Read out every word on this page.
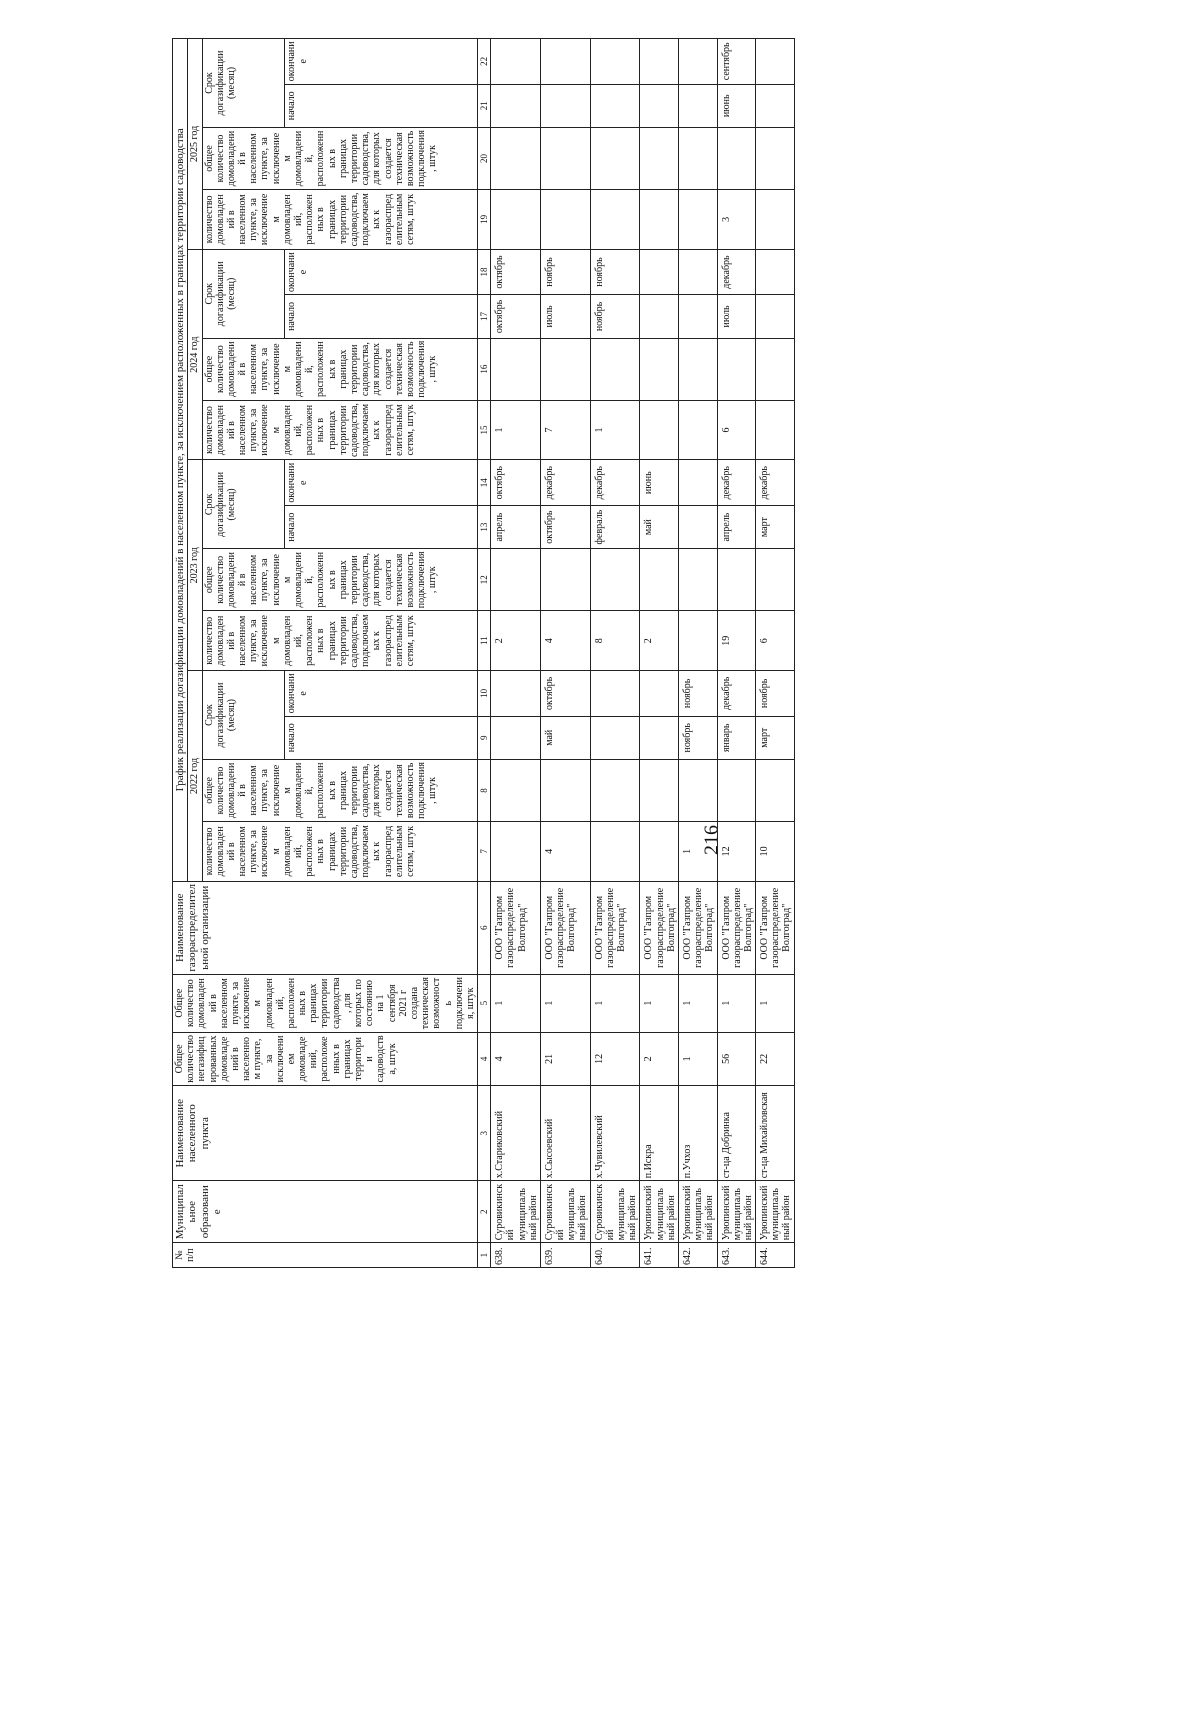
216
№ п/п	Муниципальное образование	Наименование населенного пункта	Общее количество негазифицированных домовладений в населенном пункте, за исключением домовладений, расположенных в границах территории садоводства, штук	Общее количество домовладений в населенном пункте, за исключением домовладений, расположенных в границах территории садоводства, для которых по состоянию на 1 сентября 2021 г создана техническая возможность подключения, штук	Наименование газораспределительной организации	График реализации догазификации домовладений в населенном пункте, за исключением расположенных в границах территории садоводства															
						2022 год				2023 год				2024 год				2025 год			
						количество домовладений в населенном пункте, за исключением домовладений, расположенных в границах территории садоводства, подключаемых к газораспределительным сетям, штук	общее количество домовладений в населенном пункте, за исключением домовладений, расположенных в границах территории садоводства, для которых создается техническая возможность подключения, штук	Срок догазификации (месяц)		количество домовладений в населенном пункте, за исключением домовладений, расположенных в границах территории садоводства, подключаемых к газораспределительным сетям, штук	общее количество домовладений в населенном пункте, за исключением домовладений, расположенных в границах территории садоводства, для которых создается техническая возможность подключения, штук	Срок догазификации (месяц)		количество домовладений в населенном пункте, за исключением домовладений, расположенных в границах территории садоводства, подключаемых к газораспределительным сетям, штук	общее количество домовладений в населенном пункте, за исключением домовладений, расположенных в границах территории садоводства, для которых создается техническая возможность подключения, штук	Срок догазификации (месяц)		количество домовладений в населенном пункте, за исключением домовладений, расположенных в границах территории садоводства, подключаемых к газораспределительным сетям, штук	общее количество домовладений в населенном пункте, за исключением домовладений, расположенных в границах территории садоводства, для которых создается техническая возможность подключения, штук	Срок догазификации (месяц)	
								начало	окончание			начало	окончание			начало	окончание			начало	окончание
1	2	3	4	5	6	7	8	9	10	11	12	13	14	15	16	17	18	19	20	21	22
638.	Суровикинский муниципальный район	х.Стариковский	4	1	ООО "Газпром газораспределение Волгоград"					2		апрель	октябрь	1		октябрь	октябрь				
639.	Суровикинский муниципальный район	х.Сысоевский	21	1	ООО "Газпром газораспределение Волгоград"	4		май	октябрь	4		октябрь	декабрь	7		июль	ноябрь				
640.	Суровикинский муниципальный район	х.Чувилевский	12	1	ООО "Газпром газораспределение Волгоград"					8		февраль	декабрь	1		ноябрь	ноябрь				
641.	Урюпинский муниципальный район	п.Искра	2	1	ООО "Газпром газораспределение Волгоград"					2		май	июнь								
642.	Урюпинский муниципальный район	п.Учхоз	1	1	ООО "Газпром газораспределение Волгоград"	1		ноябрь	ноябрь												
643.	Урюпинский муниципальный район	ст-ца Добринка	56	1	ООО "Газпром газораспределение Волгоград"	12		январь	декабрь	19		апрель	декабрь	6		июль	декабрь	3		июнь	сентябрь
644.	Урюпинский муниципальный район	ст-ца Михайловская	22	1	ООО "Газпром газораспределение Волгоград"	10		март	ноябрь	6		март	декабрь								
